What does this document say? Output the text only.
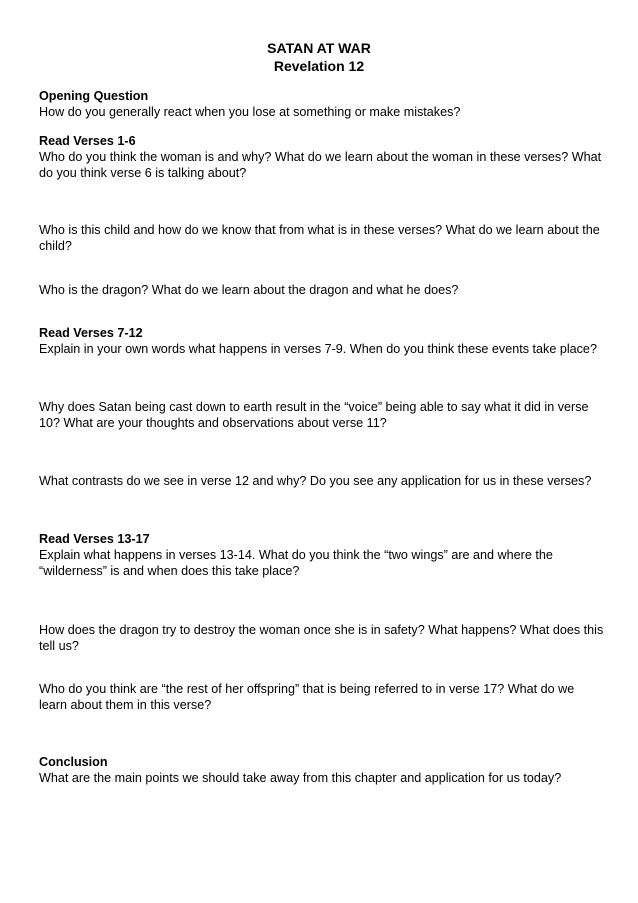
SATAN AT WAR
Revelation 12
Opening Question
How do you generally react when you lose at something or make mistakes?
Read Verses 1-6
Who do you think the woman is and why? What do we learn about the woman in these verses? What do you think verse 6 is talking about?
Who is this child and how do we know that from what is in these verses? What do we learn about the child?
Who is the dragon? What do we learn about the dragon and what he does?
Read Verses 7-12
Explain in your own words what happens in verses 7-9. When do you think these events take place?
Why does Satan being cast down to earth result in the “voice” being able to say what it did in verse 10? What are your thoughts and observations about verse 11?
What contrasts do we see in verse 12 and why? Do you see any application for us in these verses?
Read Verses 13-17
Explain what happens in verses 13-14. What do you think the “two wings” are and where the “wilderness” is and when does this take place?
How does the dragon try to destroy the woman once she is in safety? What happens? What does this tell us?
Who do you think are “the rest of her offspring” that is being referred to in verse 17? What do we learn about them in this verse?
Conclusion
What are the main points we should take away from this chapter and application for us today?
